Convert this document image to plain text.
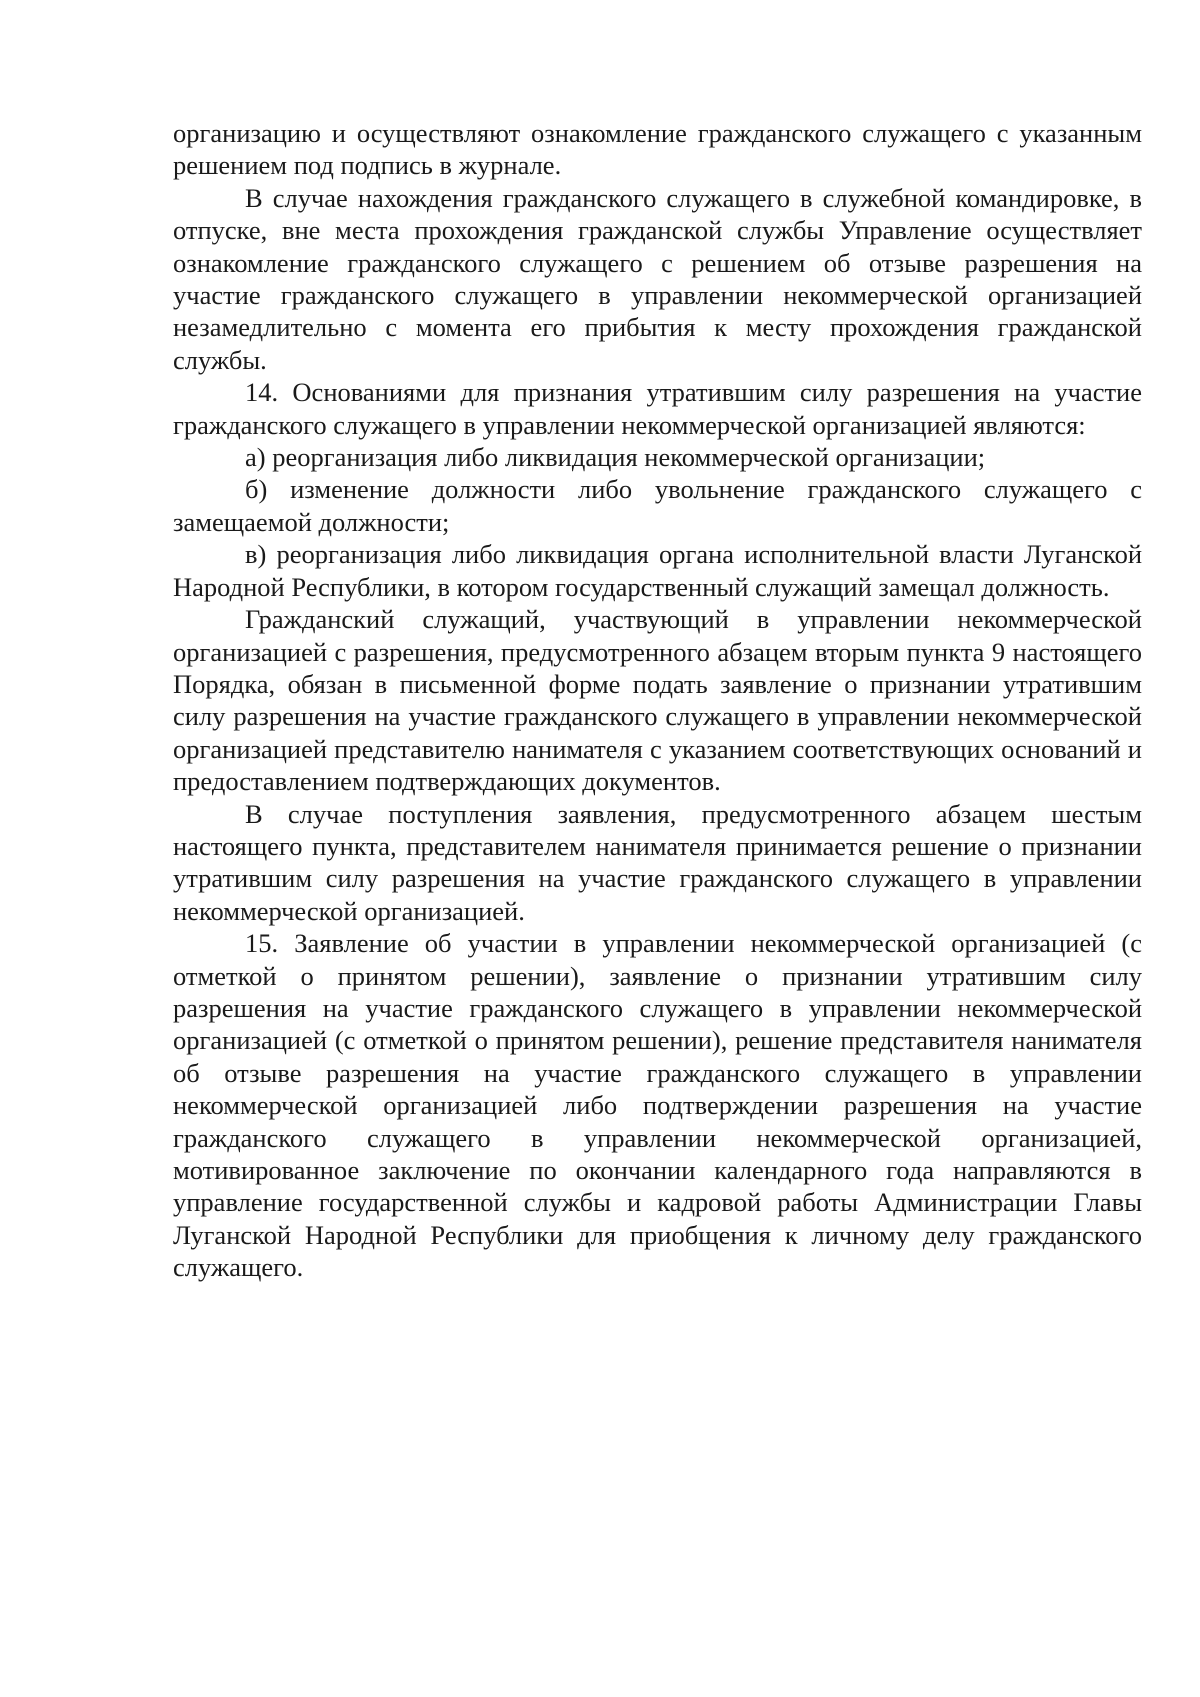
организацию и осуществляют ознакомление гражданского служащего с указанным решением под подпись в журнале.

В случае нахождения гражданского служащего в служебной командировке, в отпуске, вне места прохождения гражданской службы Управление осуществляет ознакомление гражданского служащего с решением об отзыве разрешения на участие гражданского служащего в управлении некоммерческой организацией незамедлительно с момента его прибытия к месту прохождения гражданской службы.

14. Основаниями для признания утратившим силу разрешения на участие гражданского служащего в управлении некоммерческой организацией являются:

а) реорганизация либо ликвидация некоммерческой организации;

б) изменение должности либо увольнение гражданского служащего с замещаемой должности;

в) реорганизация либо ликвидация органа исполнительной власти Луганской Народной Республики, в котором государственный служащий замещал должность.

Гражданский служащий, участвующий в управлении некоммерческой организацией с разрешения, предусмотренного абзацем вторым пункта 9 настоящего Порядка, обязан в письменной форме подать заявление о признании утратившим силу разрешения на участие гражданского служащего в управлении некоммерческой организацией представителю нанимателя с указанием соответствующих оснований и предоставлением подтверждающих документов.

В случае поступления заявления, предусмотренного абзацем шестым настоящего пункта, представителем нанимателя принимается решение о признании утратившим силу разрешения на участие гражданского служащего в управлении некоммерческой организацией.

15. Заявление об участии в управлении некоммерческой организацией (с отметкой о принятом решении), заявление о признании утратившим силу разрешения на участие гражданского служащего в управлении некоммерческой организацией (с отметкой о принятом решении), решение представителя нанимателя об отзыве разрешения на участие гражданского служащего в управлении некоммерческой организацией либо подтверждении разрешения на участие гражданского служащего в управлении некоммерческой организацией, мотивированное заключение по окончании календарного года направляются в управление государственной службы и кадровой работы Администрации Главы Луганской Народной Республики для приобщения к личному делу гражданского служащего.
